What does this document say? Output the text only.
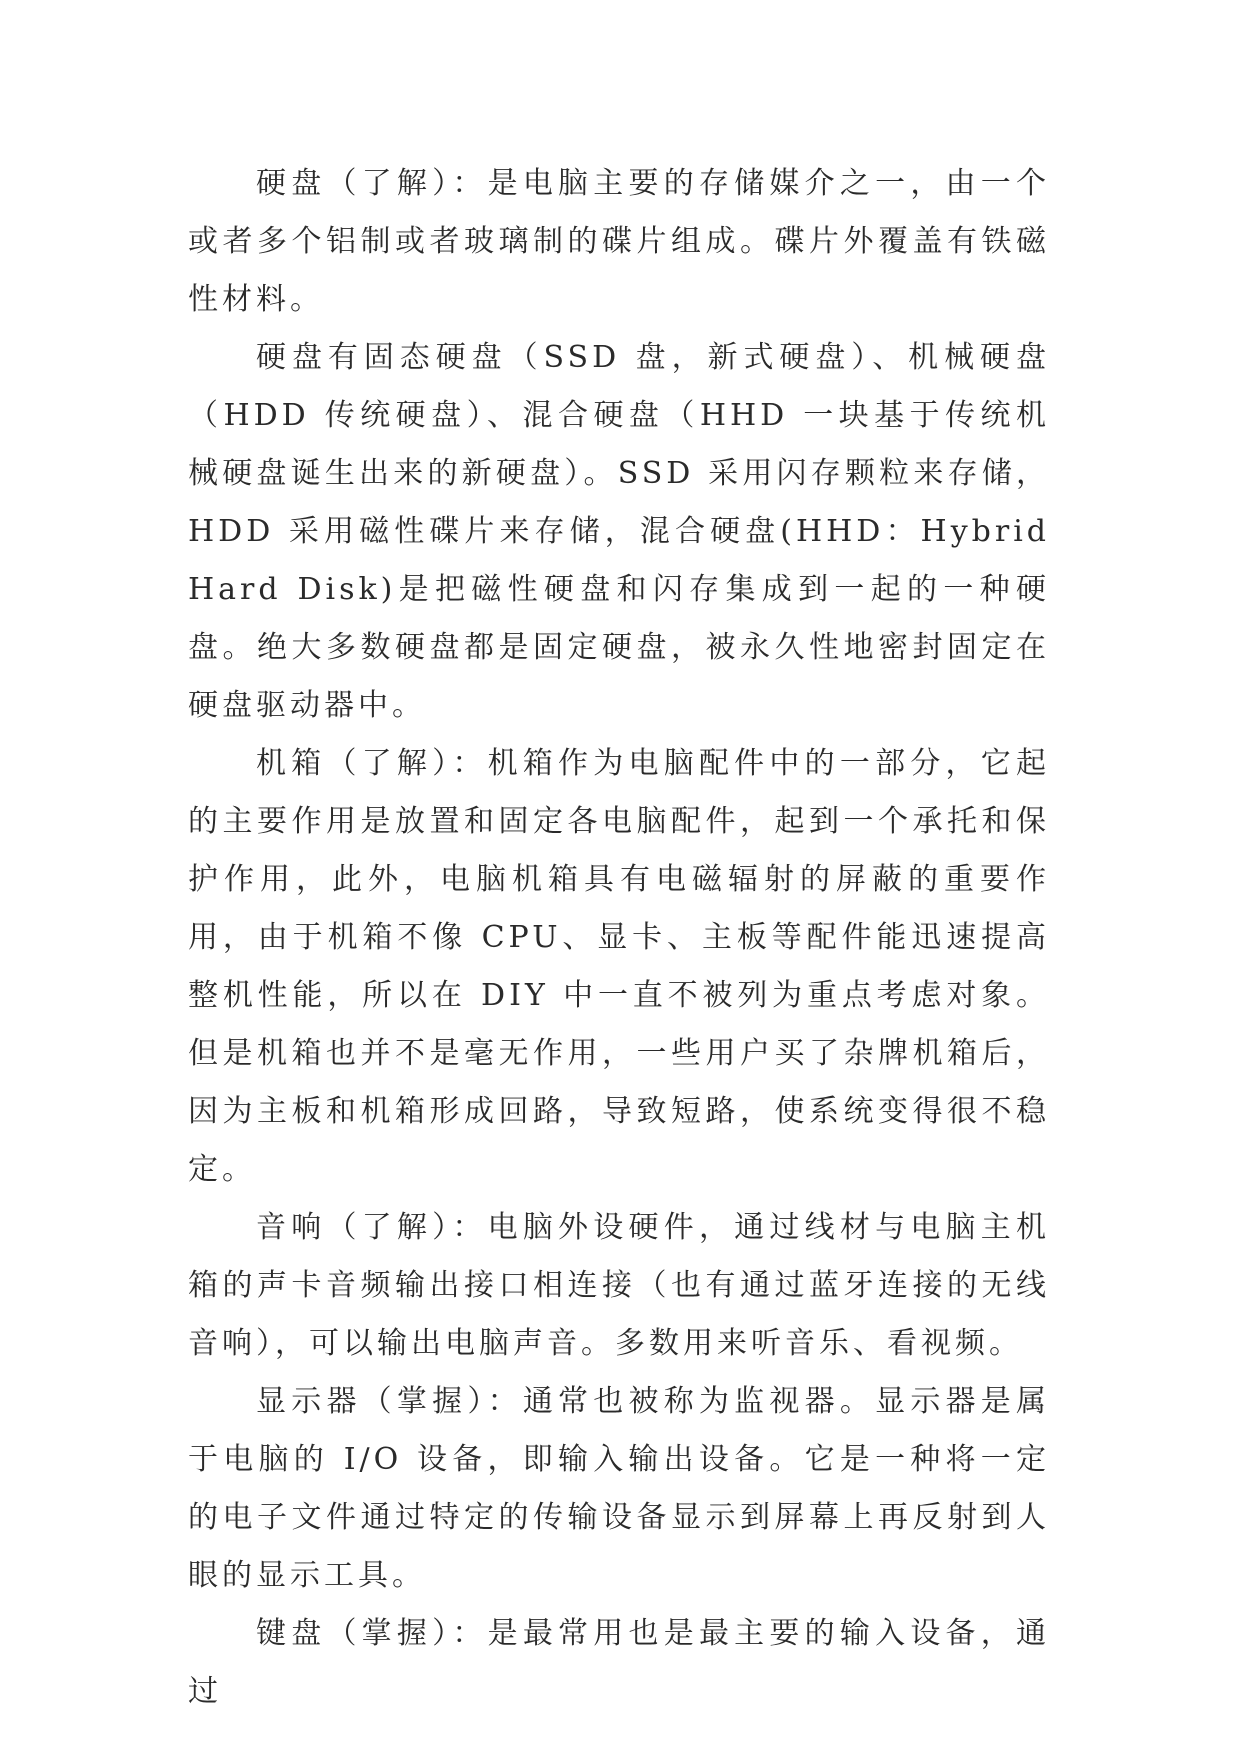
硬盘（了解）：是电脑主要的存储媒介之一，由一个或者多个铝制或者玻璃制的碟片组成。碟片外覆盖有铁磁性材料。

硬盘有固态硬盘（SSD 盘，新式硬盘）、机械硬盘（HDD 传统硬盘）、混合硬盘（HHD 一块基于传统机械硬盘诞生出来的新硬盘）。SSD 采用闪存颗粒来存储，HDD 采用磁性碟片来存储，混合硬盘(HHD：Hybrid Hard Disk)是把磁性硬盘和闪存集成到一起的一种硬盘。绝大多数硬盘都是固定硬盘，被永久性地密封固定在硬盘驱动器中。

机箱（了解）：机箱作为电脑配件中的一部分，它起的主要作用是放置和固定各电脑配件，起到一个承托和保护作用，此外，电脑机箱具有电磁辐射的屏蔽的重要作用，由于机箱不像 CPU、显卡、主板等配件能迅速提高整机性能，所以在 DIY 中一直不被列为重点考虑对象。但是机箱也并不是毫无作用，一些用户买了杂牌机箱后，因为主板和机箱形成回路，导致短路，使系统变得很不稳定。

音响（了解）：电脑外设硬件，通过线材与电脑主机箱的声卡音频输出接口相连接（也有通过蓝牙连接的无线音响），可以输出电脑声音。多数用来听音乐、看视频。

显示器（掌握）：通常也被称为监视器。显示器是属于电脑的 I/O 设备，即输入输出设备。它是一种将一定的电子文件通过特定的传输设备显示到屏幕上再反射到人眼的显示工具。

键盘（掌握）：是最常用也是最主要的输入设备，通过
